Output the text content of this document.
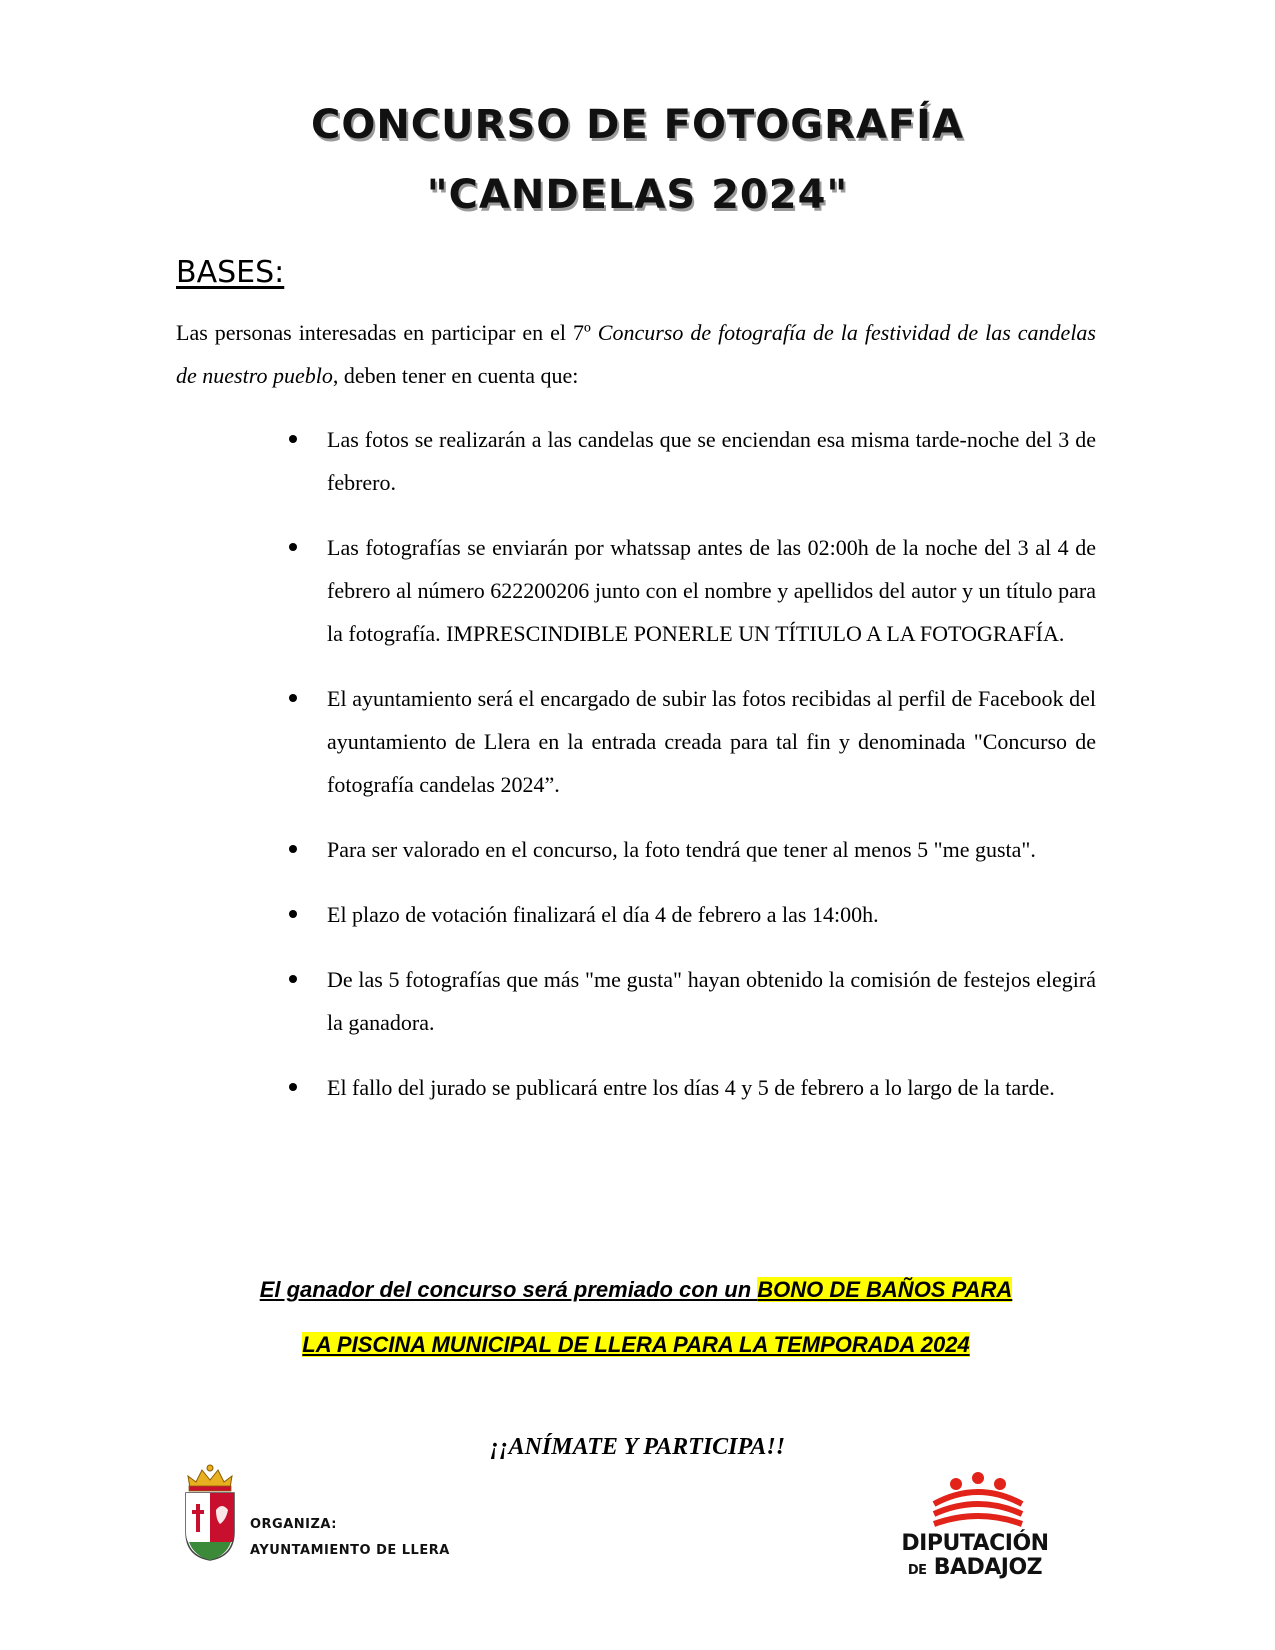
CONCURSO DE FOTOGRAFÍA
"CANDELAS 2024"
BASES:

Las personas interesadas en participar en el 7º Concurso de fotografía de la festividad de las candelas de nuestro pueblo, deben tener en cuenta que:

Las fotos se realizarán a las candelas que se enciendan esa misma tarde-noche del 3 de febrero.
Las fotografías se enviarán por whatssap antes de las 02:00h de la noche del 3 al 4 de febrero al número 622200206 junto con el nombre y apellidos del autor y un título para la fotografía. IMPRESCINDIBLE PONERLE UN TÍTIULO A LA FOTOGRAFÍA.
El ayuntamiento será el encargado de subir las fotos recibidas al perfil de Facebook del ayuntamiento de Llera en la entrada creada para tal fin y denominada "Concurso de fotografía candelas 2024”.
Para ser valorado en el concurso, la foto tendrá que tener al menos 5 "me gusta".
El plazo de votación finalizará el día 4 de febrero a las 14:00h.
De las 5 fotografías que más "me gusta" hayan obtenido la comisión de festejos elegirá la ganadora.
El fallo del jurado se publicará entre los días 4 y 5 de febrero a lo largo de la tarde.
El ganador del concurso será premiado con un BONO DE BAÑOS PARA
LA PISCINA MUNICIPAL DE LLERA PARA LA TEMPORADA 2024
¡¡ANÍMATE Y PARTICIPA!!
ORGANIZA:
AYUNTAMIENTO DE LLERA	DIPUTACIÓN
DE BADAJOZ
